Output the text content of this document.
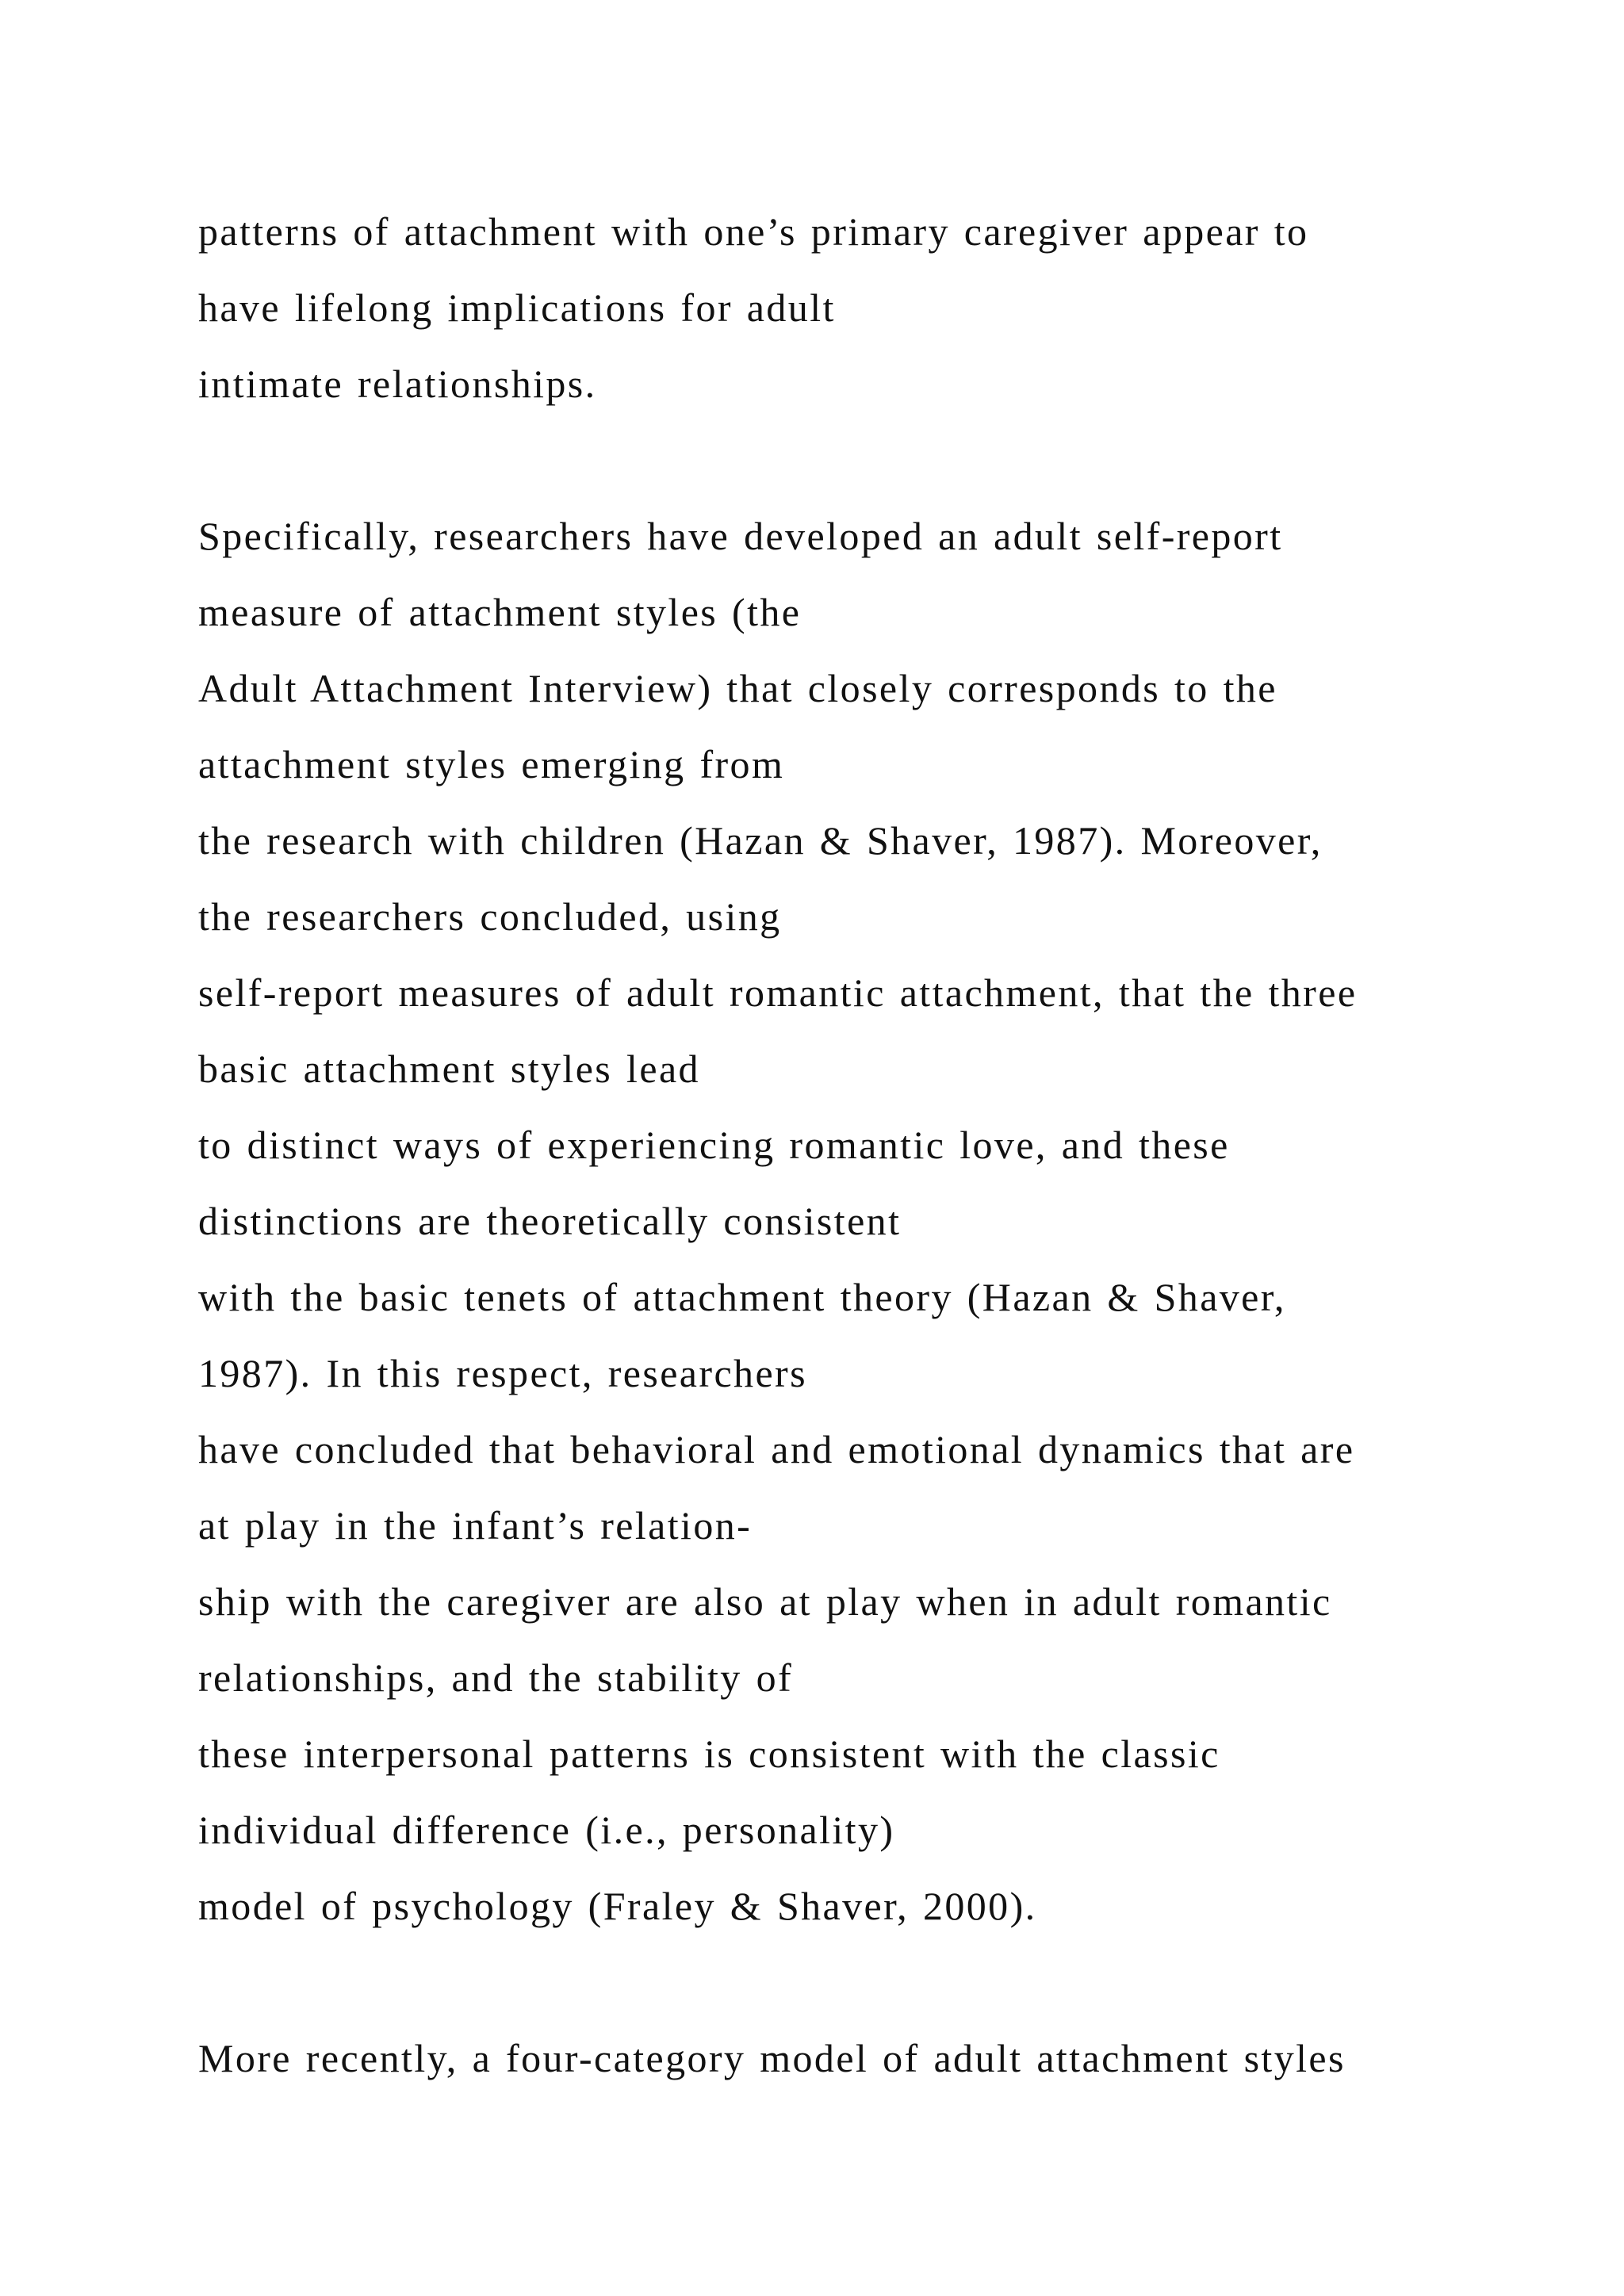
patterns of attachment with one’s primary caregiver appear to

have lifelong implications for adult

intimate relationships.

Specifically, researchers have developed an adult self-report

measure of attachment styles (the

Adult Attachment Interview) that closely corresponds to the

attachment styles emerging from

the research with children (Hazan & Shaver, 1987). Moreover,

the researchers concluded, using

self-report measures of adult romantic attachment, that the three

basic attachment styles lead

to distinct ways of experiencing romantic love, and these

distinctions are theoretically consistent

with the basic tenets of attachment theory (Hazan & Shaver,

1987). In this respect, researchers

have concluded that behavioral and emotional dynamics that are

at play in the infant’s relation-

ship with the caregiver are also at play when in adult romantic

relationships, and the stability of

these interpersonal patterns is consistent with the classic

individual difference (i.e., personality)

model of psychology (Fraley & Shaver, 2000).

More recently, a four-category model of adult attachment styles
